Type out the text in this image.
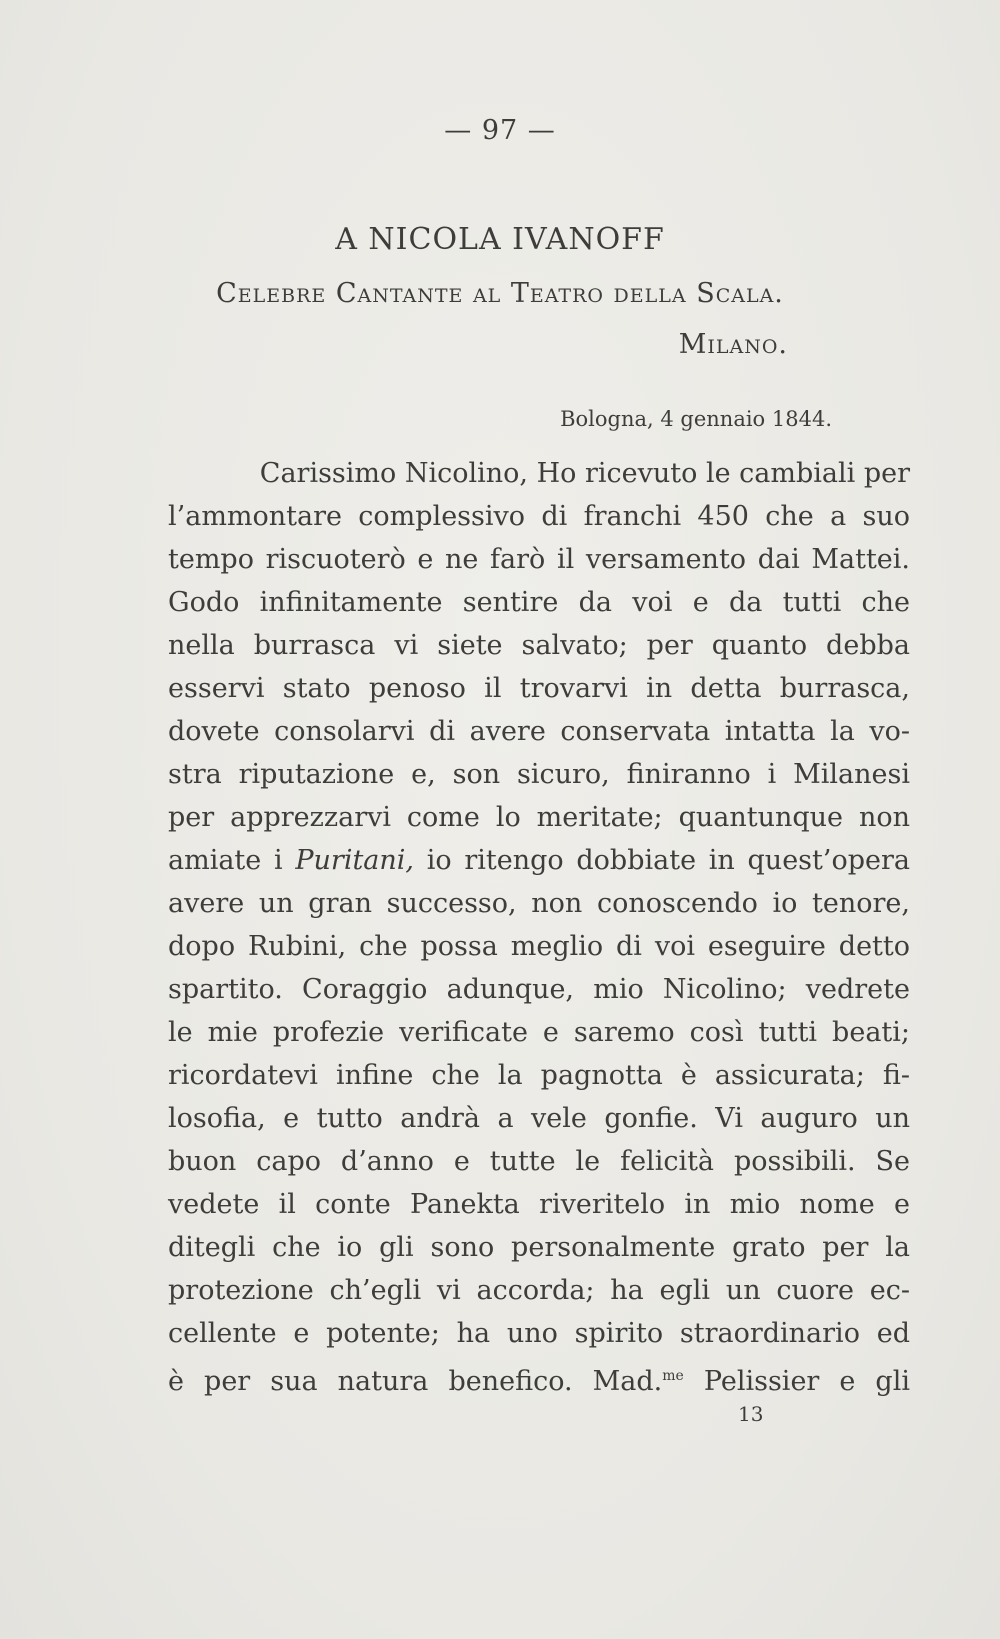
— 97 —
A NICOLA IVANOFF
Celebre Cantante al Teatro della Scala.
Milano.
Bologna, 4 gennaio 1844.
Carissimo Nicolino, Ho ricevuto le cambiali per
l’ammontare complessivo di franchi 450 che a suo
tempo riscuoterò e ne farò il versamento dai Mattei.
Godo infinitamente sentire da voi e da tutti che
nella burrasca vi siete salvato; per quanto debba
esservi stato penoso il trovarvi in detta burrasca,
dovete consolarvi di avere conservata intatta la vo-
stra riputazione e, son sicuro, finiranno i Milanesi
per apprezzarvi come lo meritate; quantunque non
amiate i Puritani, io ritengo dobbiate in quest’opera
avere un gran successo, non conoscendo io tenore,
dopo Rubini, che possa meglio di voi eseguire detto
spartito. Coraggio adunque, mio Nicolino; vedrete
le mie profezie verificate e saremo così tutti beati;
ricordatevi infine che la pagnotta è assicurata; fi-
losofia, e tutto andrà a vele gonfie. Vi auguro un
buon capo d’anno e tutte le felicità possibili. Se
vedete il conte Panekta riveritelo in mio nome e
ditegli che io gli sono personalmente grato per la
protezione ch’egli vi accorda; ha egli un cuore ec-
cellente e potente; ha uno spirito straordinario ed
è per sua natura benefico. Mad.$^{me}$ Pelissier e gli
13
